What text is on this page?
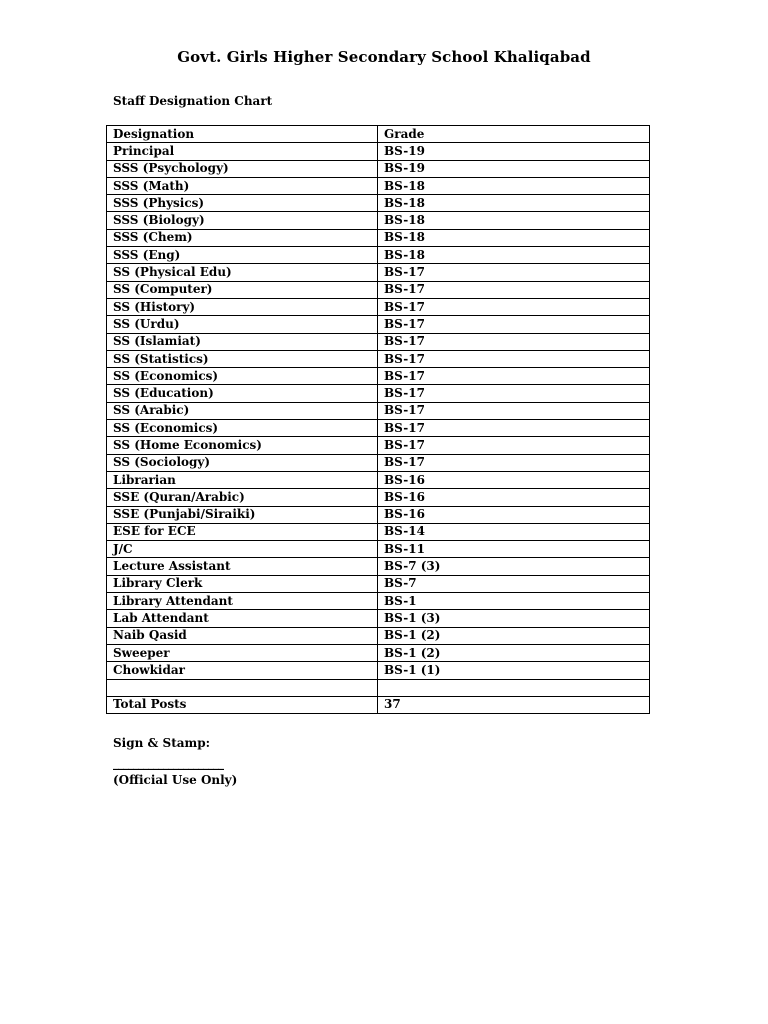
Govt. Girls Higher Secondary School Khaliqabad
Staff Designation Chart
Designation	Grade
Principal	BS-19
SSS (Psychology)	BS-19
SSS (Math)	BS-18
SSS (Physics)	BS-18
SSS (Biology)	BS-18
SSS (Chem)	BS-18
SSS (Eng)	BS-18
SS (Physical Edu)	BS-17
SS (Computer)	BS-17
SS (History)	BS-17
SS (Urdu)	BS-17
SS (Islamiat)	BS-17
SS (Statistics)	BS-17
SS (Economics)	BS-17
SS (Education)	BS-17
SS (Arabic)	BS-17
SS (Economics)	BS-17
SS (Home Economics)	BS-17
SS (Sociology)	BS-17
Librarian	BS-16
SSE (Quran/Arabic)	BS-16
SSE (Punjabi/Siraiki)	BS-16
ESE for ECE	BS-14
J/C	BS-11
Lecture Assistant	BS-7 (3)
Library Clerk	BS-7
Library Attendant	BS-1
Lab Attendant	BS-1 (3)
Naib Qasid	BS-1 (2)
Sweeper	BS-1 (2)
Chowkidar	BS-1 (1)

Total Posts	37
Sign & Stamp:
______________________
(Official Use Only)
